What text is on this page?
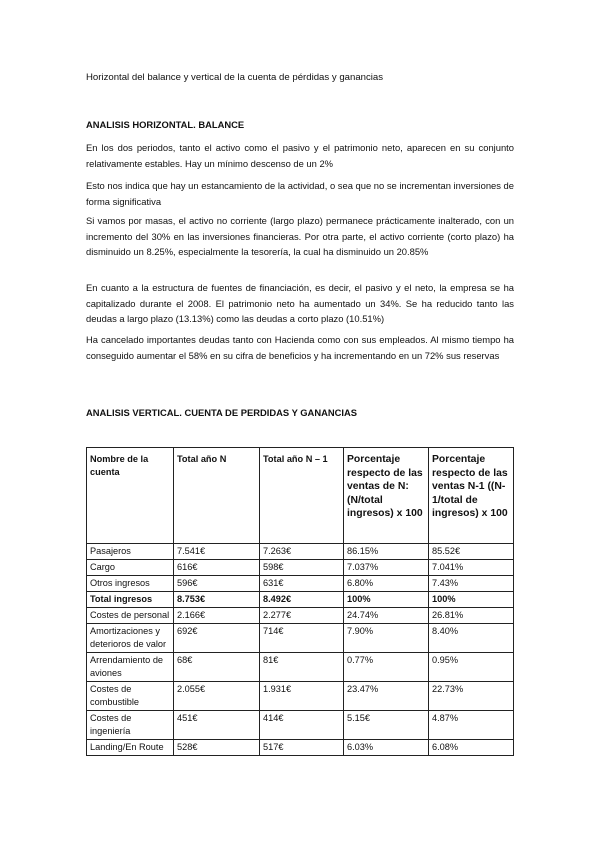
Horizontal del balance y vertical de la cuenta de pérdidas y ganancias
ANALISIS HORIZONTAL. BALANCE
En los dos periodos, tanto el activo como el pasivo y el patrimonio neto, aparecen en su conjunto relativamente estables. Hay un mínimo descenso de un 2%
Esto nos indica que hay un estancamiento de la actividad, o sea que no se incrementan inversiones de forma significativa
Si vamos por masas, el activo no corriente (largo plazo) permanece prácticamente inalterado, con un incremento del 30% en las inversiones financieras. Por otra parte, el activo corriente (corto plazo) ha disminuido un 8.25%, especialmente la tesorería, la cual ha disminuido un 20.85%
En cuanto a la estructura de fuentes de financiación, es decir, el pasivo y el neto, la empresa se ha capitalizado durante el 2008. El patrimonio neto ha aumentado un 34%. Se ha reducido tanto las deudas a largo plazo (13.13%) como las deudas a corto plazo (10.51%)
Ha cancelado importantes deudas tanto con Hacienda como con sus empleados. Al mismo tiempo ha conseguido aumentar el 58% en su cifra de beneficios y ha incrementando en un 72% sus reservas
ANALISIS VERTICAL. CUENTA DE PERDIDAS Y GANANCIAS
Nombre de la cuenta	Total año N	Total año N – 1	Porcentaje respecto de las ventas de N: (N/total ingresos) x 100	Porcentaje respecto de las ventas N-1 ((N-1/total de ingresos) x 100
Pasajeros	7.541€	7.263€	86.15%	85.52€
Cargo	616€	598€	7.037%	7.041%
Otros ingresos	596€	631€	6.80%	7.43%
Total ingresos	8.753€	8.492€	100%	100%
Costes de personal	2.166€	2.277€	24.74%	26.81%
Amortizaciones y deterioros de valor	692€	714€	7.90%	8.40%
Arrendamiento de aviones	68€	81€	0.77%	0.95%
Costes de combustible	2.055€	1.931€	23.47%	22.73%
Costes de ingeniería	451€	414€	5.15€	4.87%
Landing/En Route	528€	517€	6.03%	6.08%
